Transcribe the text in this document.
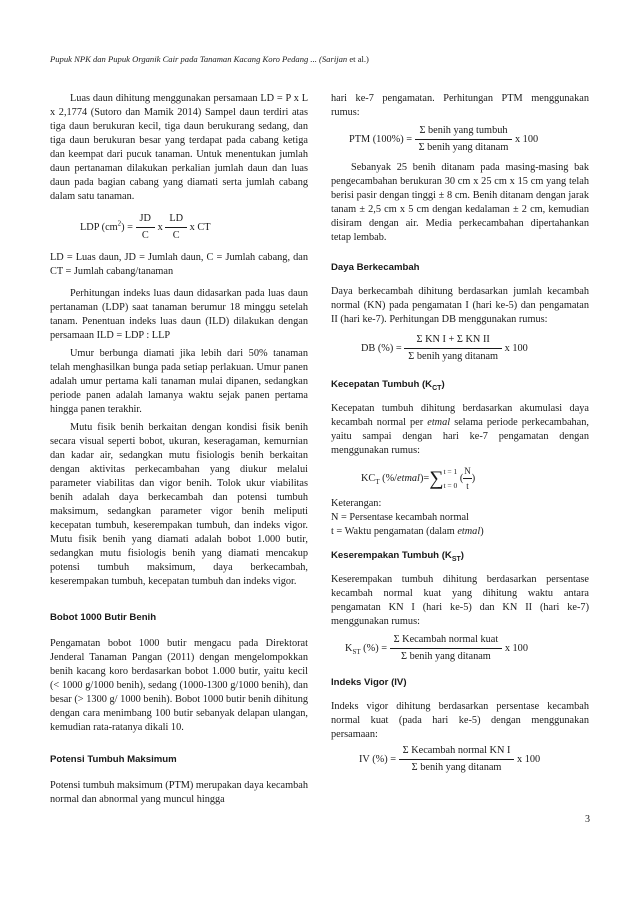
Pupuk NPK dan Pupuk Organik Cair pada Tanaman Kacang Koro Pedang ... (Sarijan et al.)

Luas daun dihitung menggunakan persamaan LD = P x L x 2,1774 (Sutoro dan Mamik 2014) Sampel daun terdiri atas tiga daun berukuran kecil, tiga daun berukurang sedang, dan tiga daun berukuran besar yang terdapat pada cabang ketiga dan keempat dari pucuk tanaman. Untuk menentukan jumlah daun pertanaman dilakukan perkalian jumlah daun dan luas daun pada bagian cabang yang diamati serta jumlah cabang dalam satu tanaman.

LDP $(cm^2) = \frac{JD}{C}$ x $\frac{LD}{C}$ x CT

LD = Luas daun, JD = Jumlah daun, C = Jumlah cabang, dan CT = Jumlah cabang/tanaman

Perhitungan indeks luas daun didasarkan pada luas daun pertanaman (LDP) saat tanaman berumur 18 minggu setelah tanam. Penentuan indeks luas daun (ILD) dilakukan dengan persamaan ILD = LDP : LLP

Umur berbunga diamati jika lebih dari 50% tanaman telah menghasilkan bunga pada setiap perlakuan. Umur panen adalah umur pertama kali tanaman mulai dipanen, sedangkan periode panen adalah lamanya waktu sejak panen pertama hingga panen terakhir.

Mutu fisik benih berkaitan dengan kondisi fisik benih secara visual seperti bobot, ukuran, keseragaman, kemurnian dan kadar air, sedangkan mutu fisiologis benih berkaitan dengan aktivitas perkecambahan yang diukur melalui parameter viabilitas dan vigor benih. Tolok ukur viabilitas benih adalah daya berkecambah dan potensi tumbuh maksimum, sedangkan parameter vigor benih meliputi kecepatan tumbuh, keserempakan tumbuh, dan indeks vigor. Mutu fisik benih yang diamati adalah bobot 1.000 butir, sedangkan mutu fisiologis benih yang diamati mencakup potensi tumbuh maksimum, daya berkecambah, keserempakan tumbuh, kecepatan tumbuh dan indeks vigor.

Bobot 1000 Butir Benih

Pengamatan bobot 1000 butir mengacu pada Direktorat Jenderal Tanaman Pangan (2011) dengan mengelompokkan benih kacang koro berdasarkan bobot 1.000 butir, yaitu kecil (< 1000 g/1000 benih), sedang (1000-1300 g/1000 benih), dan besar (> 1300 g/ 1000 benih). Bobot 1000 butir benih dihitung dengan cara menimbang 100 butir sebanyak delapan ulangan, kemudian rata-ratanya dikali 10.

Potensi Tumbuh Maksimum

Potensi tumbuh maksimum (PTM) merupakan daya kecambah normal dan abnormal yang muncul hingga

hari ke-7 pengamatan. Perhitungan PTM menggunakan rumus:

PTM $(100\%) = \frac{\text{Σ benih yang tumbuh}}{\text{Σ benih yang ditanam}}$ x 100

Sebanyak 25 benih ditanam pada masing-masing bak pengecambahan berukuran 30 cm x 25 cm x 15 cm yang telah berisi pasir dengan tinggi ± 8 cm. Benih ditanam dengan jarak tanam ± 2,5 cm x 5 cm dengan kedalaman ± 2 cm, kemudian disiram dengan air. Media perkecambahan dipertahankan tetap lembab.

Daya Berkecambah

Daya berkecambah dihitung berdasarkan jumlah kecambah normal (KN) pada pengamatan I (hari ke-5) dan pengamatan II (hari ke-7). Perhitungan DB menggunakan rumus:

DB (%) = $\frac{\text{Σ KN I + Σ KN II}}{\text{Σ benih yang ditanam}}$ x 100
Kecepatan Tumbuh $(K_{CT})$

Kecepatan tumbuh dihitung berdasarkan akumulasi daya kecambah normal per etmal selama periode perkecambahan, yaitu sampai dengan hari ke-7 pengamatan dengan menggunakan rumus:

$KC_T$ (%/etmal)=∑ t = 1
t = 0
( $\frac{N}{t}$ )
Keterangan:
N = Persentase kecambah normal
t = Waktu pengamatan (dalam etmal)
Keserempakan Tumbuh $(K_{ST})$

Keserempakan tumbuh dihitung berdasarkan persentase kecambah normal kuat yang dihitung waktu antara pengamatan KN I (hari ke-5) dan KN II (hari ke-7) menggunakan rumus:

$K_{ST}$ (%) = $\frac{\text{Σ Kecambah normal kuat}}{\text{Σ benih yang ditanam}}$ x 100
Indeks Vigor (IV)

Indeks vigor dihitung berdasarkan persentase kecambah normal kuat (pada hari ke-5) dengan menggunakan persamaan:

IV (%) = $\frac{\text{Σ Kecambah normal KN I}}{\text{Σ benih yang ditanam}}$ x 100
3
